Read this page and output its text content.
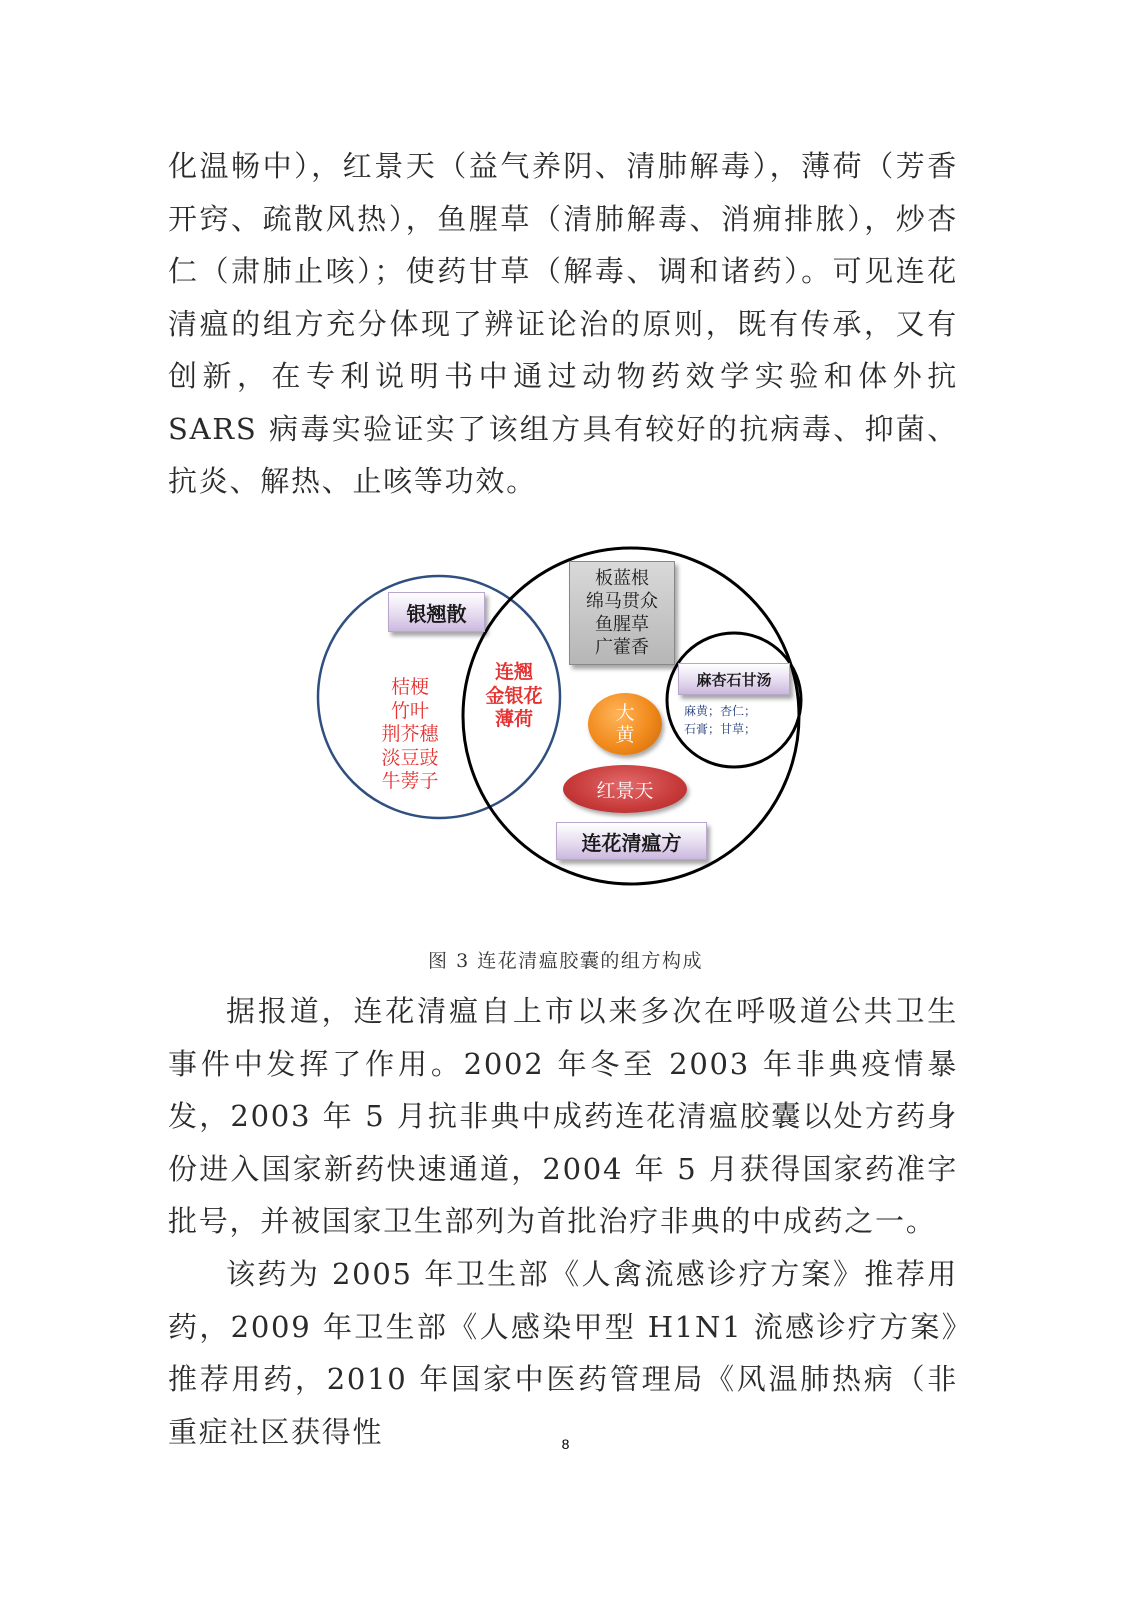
化温畅中），红景天（益气养阴、清肺解毒），薄荷（芳香开窍、疏散风热），鱼腥草（清肺解毒、消痈排脓），炒杏仁（肃肺止咳）；使药甘草（解毒、调和诸药）。可见连花清瘟的组方充分体现了辨证论治的原则，既有传承，又有创新，在专利说明书中通过动物药效学实验和体外抗 SARS 病毒实验证实了该组方具有较好的抗病毒、抑菌、抗炎、解热、止咳等功效。

银翘散
板蓝根
绵马贯众
鱼腥草
广藿香
麻杏石甘汤
桔梗
竹叶
荆芥穗
淡豆豉
牛蒡子
连翘
金银花
薄荷	麻黄；杏仁；
石膏；甘草；
大
黄
红景天
连花清瘟方
图 3 连花清瘟胶囊的组方构成

据报道，连花清瘟自上市以来多次在呼吸道公共卫生事件中发挥了作用。2002 年冬至 2003 年非典疫情暴发，2003 年 5 月抗非典中成药连花清瘟胶囊以处方药身份进入国家新药快速通道，2004 年 5 月获得国家药准字批号，并被国家卫生部列为首批治疗非典的中成药之一。

该药为 2005 年卫生部《人禽流感诊疗方案》推荐用药，2009 年卫生部《人感染甲型 H1N1 流感诊疗方案》推荐用药，2010 年国家中医药管理局《风温肺热病（非重症社区获得性	8
